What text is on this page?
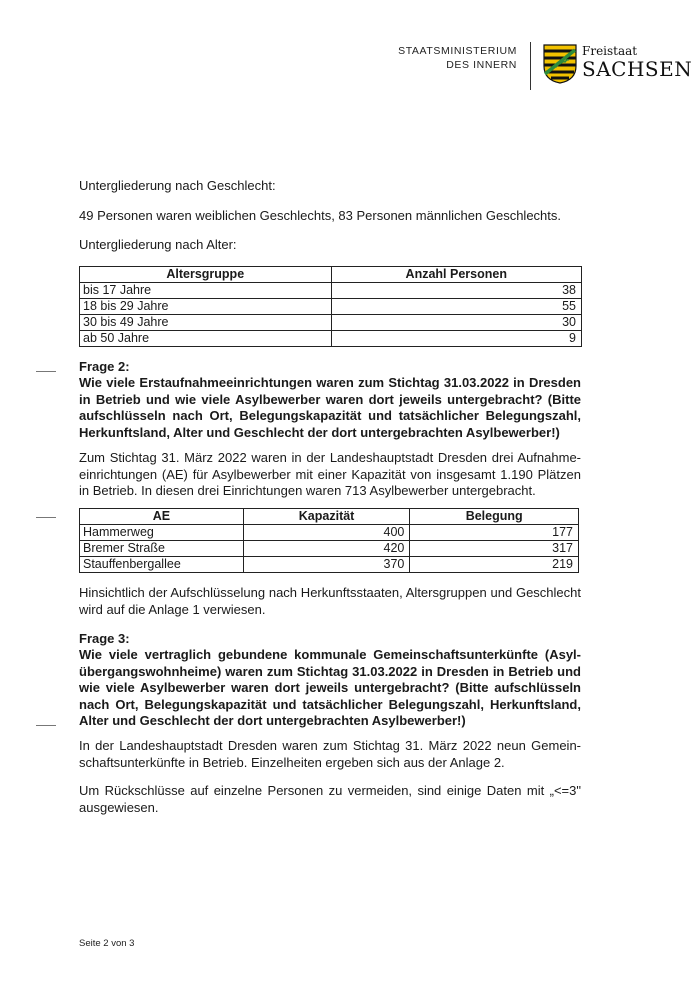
STAATSMINISTERIUM
DES INNERN
Freistaat
SACHSEN
Untergliederung nach Geschlecht:
49 Personen waren weiblichen Geschlechts, 83 Personen männlichen Geschlechts.
Untergliederung nach Alter:
Altersgruppe	Anzahl Personen
bis 17 Jahre	38
18 bis 29 Jahre	55
30 bis 49 Jahre	30
ab 50 Jahre	9
Frage 2:
Wie viele Erstaufnahmeeinrichtungen waren zum Stichtag 31.03.2022 in Dresden in Betrieb und wie viele Asylbewerber waren dort jeweils untergebracht? (Bitte aufschlüsseln nach Ort, Belegungskapazität und tatsächlicher Belegungszahl, Herkunftsland, Alter und Geschlecht der dort untergebrachten Asylbewerber!)
Zum Stichtag 31. März 2022 waren in der Landeshauptstadt Dresden drei Aufnahme-einrichtungen (AE) für Asylbewerber mit einer Kapazität von insgesamt 1.190 Plätzen in Betrieb. In diesen drei Einrichtungen waren 713 Asylbewerber untergebracht.
AE	Kapazität	Belegung
Hammerweg	400	177
Bremer Straße	420	317
Stauffenbergallee	370	219
Hinsichtlich der Aufschlüsselung nach Herkunftsstaaten, Altersgruppen und Geschlecht wird auf die Anlage 1 verwiesen.
Frage 3:
Wie viele vertraglich gebundene kommunale Gemeinschaftsunterkünfte (Asyl-übergangswohnheime) waren zum Stichtag 31.03.2022 in Dresden in Betrieb und wie viele Asylbewerber waren dort jeweils untergebracht? (Bitte aufschlüsseln nach Ort, Belegungskapazität und tatsächlicher Belegungszahl, Herkunftsland, Alter und Geschlecht der dort untergebrachten Asylbewerber!)
In der Landeshauptstadt Dresden waren zum Stichtag 31. März 2022 neun Gemein-schaftsunterkünfte in Betrieb. Einzelheiten ergeben sich aus der Anlage 2.
Um Rückschlüsse auf einzelne Personen zu vermeiden, sind einige Daten mit „<=3" ausgewiesen.
Seite 2 von 3
